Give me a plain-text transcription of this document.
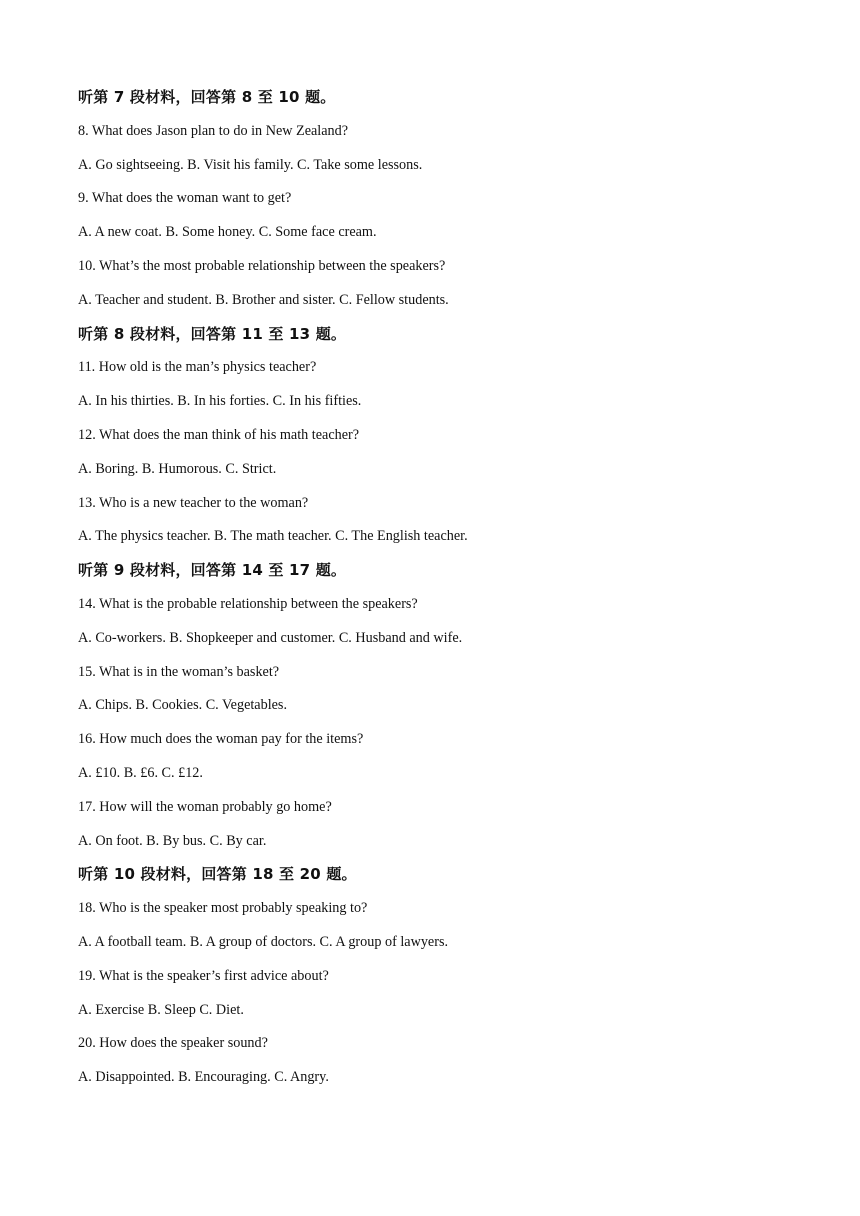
听第 7 段材料，回答第 8 至 10 题。
8. What does Jason plan to do in New Zealand?
A. Go sightseeing. B. Visit his family. C. Take some lessons.
9. What does the woman want to get?
A. A new coat. B. Some honey. C. Some face cream.
10. What’s the most probable relationship between the speakers?
A. Teacher and student. B. Brother and sister. C. Fellow students.
听第 8 段材料，回答第 11 至 13 题。
11. How old is the man’s physics teacher?
A. In his thirties. B. In his forties. C. In his fifties.
12. What does the man think of his math teacher?
A. Boring. B. Humorous. C. Strict.
13. Who is a new teacher to the woman?
A. The physics teacher. B. The math teacher. C. The English teacher.
听第 9 段材料，回答第 14 至 17 题。
14. What is the probable relationship between the speakers?
A. Co-workers. B. Shopkeeper and customer. C. Husband and wife.
15. What is in the woman’s basket?
A. Chips. B. Cookies. C. Vegetables.
16. How much does the woman pay for the items?
A. £10. B. £6. C. £12.
17. How will the woman probably go home?
A. On foot. B. By bus. C. By car.
听第 10 段材料，回答第 18 至 20 题。
18. Who is the speaker most probably speaking to?
A. A football team. B. A group of doctors. C. A group of lawyers.
19. What is the speaker’s first advice about?
A. Exercise B. Sleep C. Diet.
20. How does the speaker sound?
A. Disappointed. B. Encouraging. C. Angry.
